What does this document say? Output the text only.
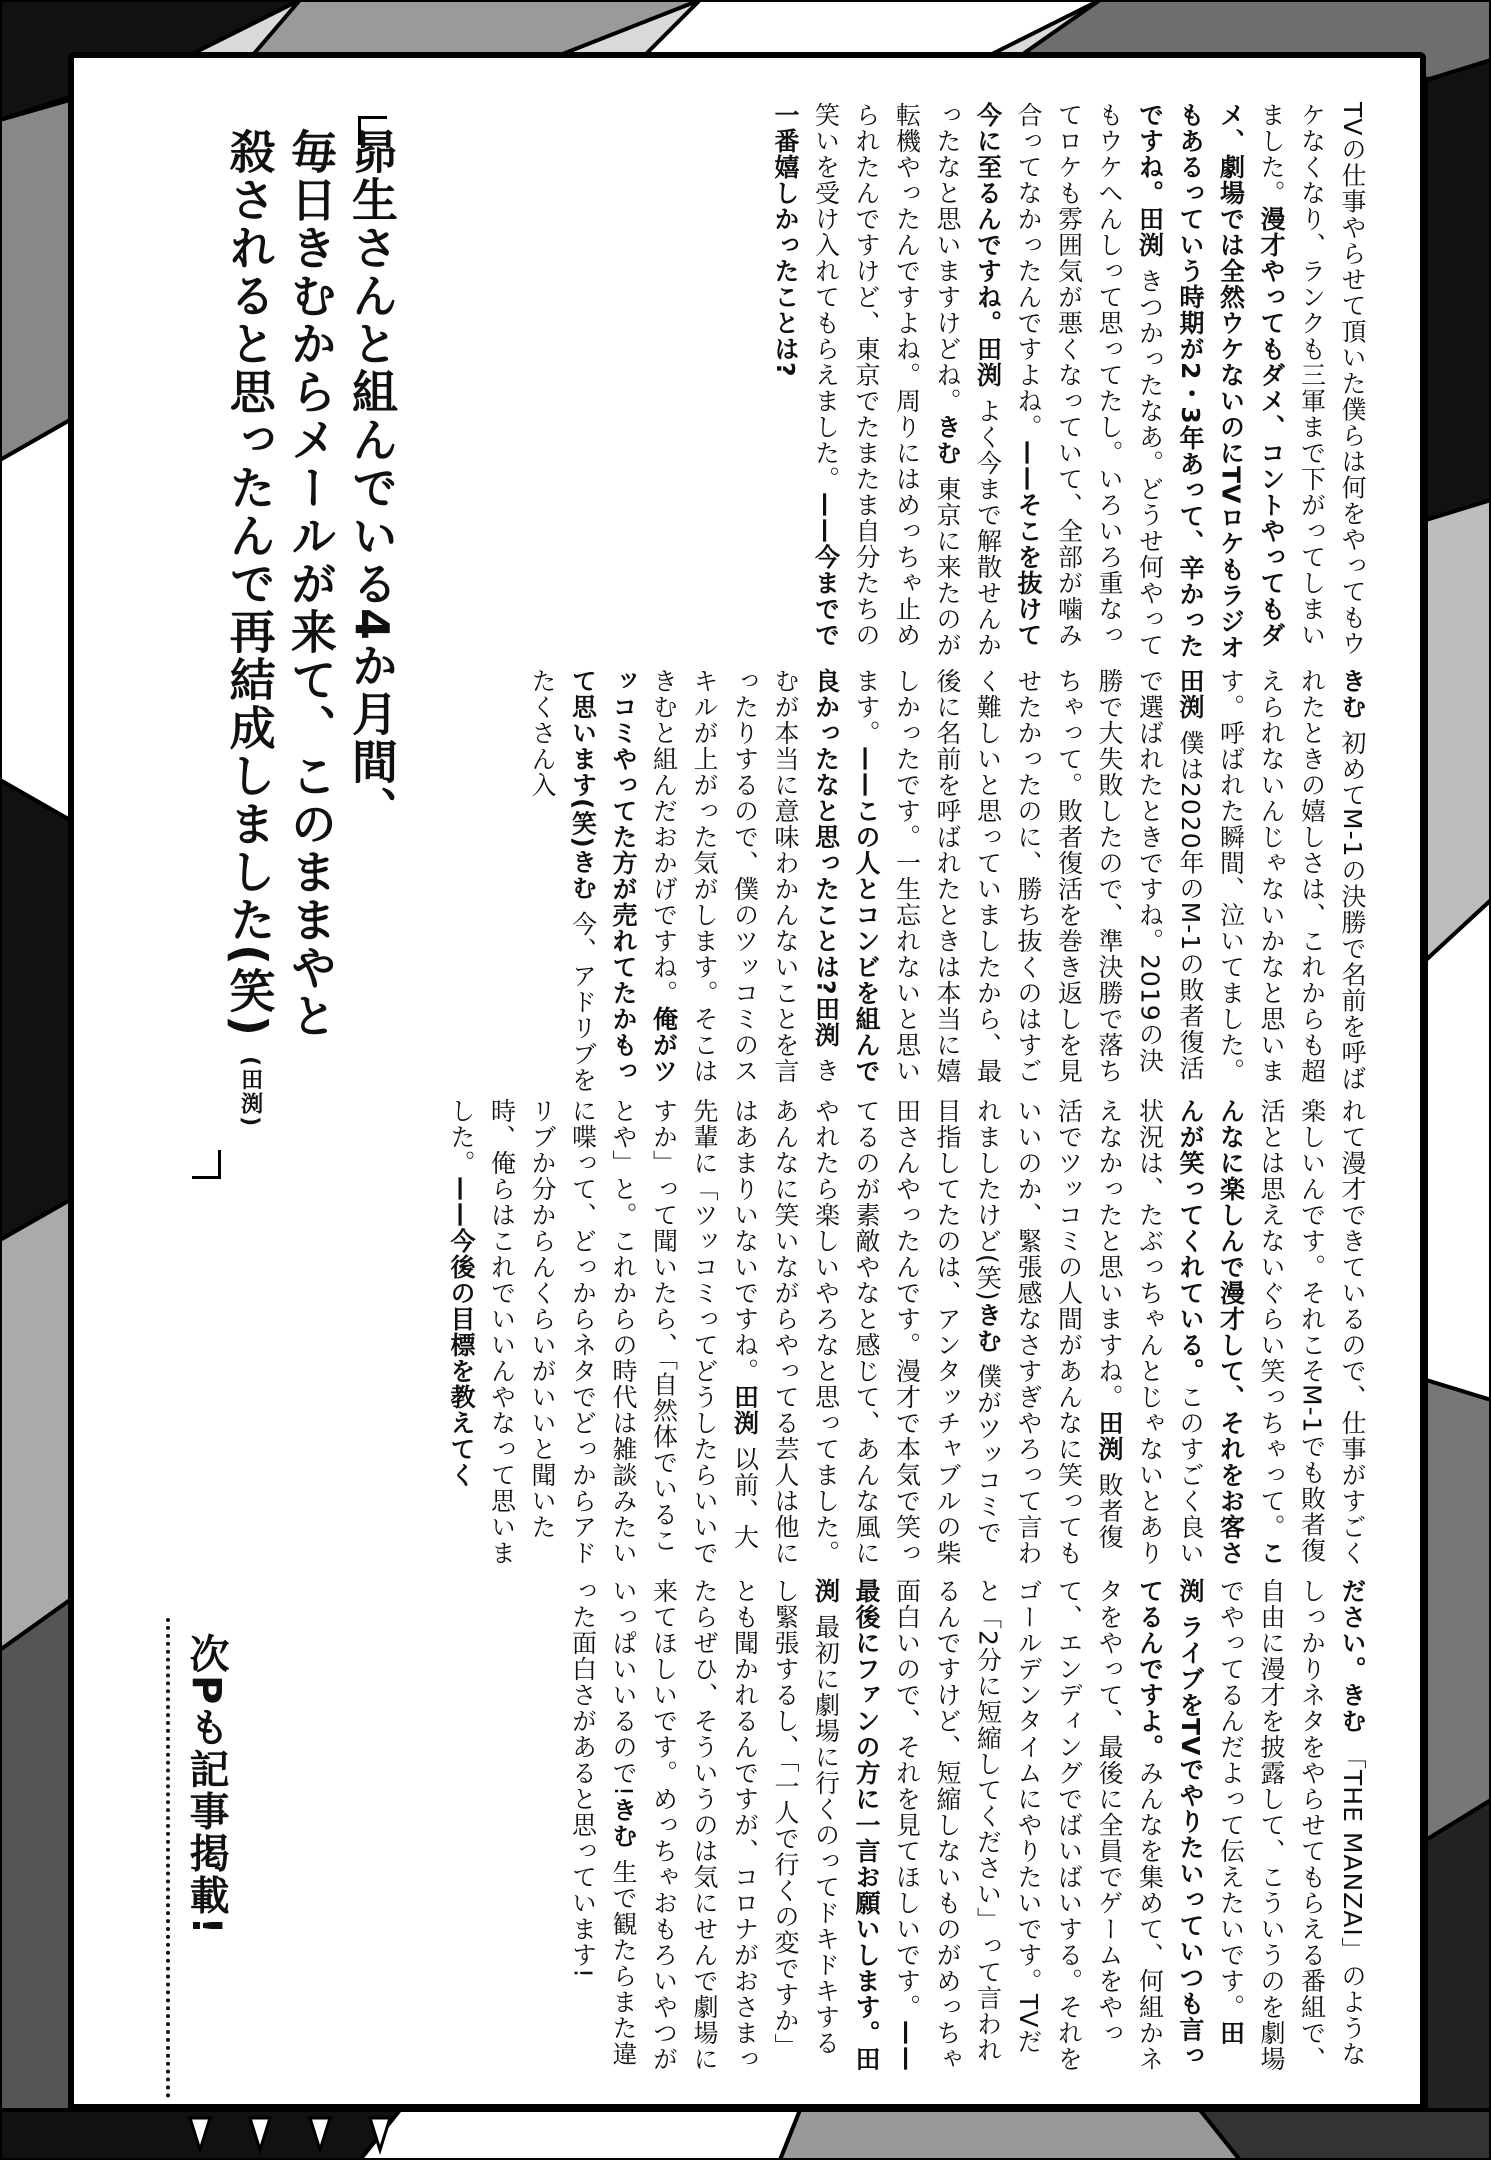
TVの仕事やらせて頂いた僕らは何をやってもウケなくなり、ランクも三軍まで下がってしまいました。漫才やってもダメ、コントやってもダメ、劇場では全然ウケないのにTVロケもラジオもあるっていう時期が2・3年あって、辛かったですね。田渕きつかったなあ。どうせ何やってもウケへんしって思ってたし。いろいろ重なってロケも雰囲気が悪くなっていて、全部が噛み合ってなかったんですよね。——そこを抜けて今に至るんですね。田渕よく今まで解散せんかったなと思いますけどね。きむ東京に来たのが転機やったんですよね。周りにはめっちゃ止められたんですけど、東京でたまたま自分たちの笑いを受け入れてもらえました。——今までで一番嬉しかったことは?
きむ初めてM-1の決勝で名前を呼ばれたときの嬉しさは、これからも超えられないんじゃないかなと思います。呼ばれた瞬間、泣いてました。田渕僕は2020年のM-1の敗者復活で選ばれたときですね。2019の決勝で大失敗したので、準決勝で落ちちゃって。敗者復活を巻き返しを見せたかったのに、勝ち抜くのはすごく難しいと思っていましたから、最後に名前を呼ばれたときは本当に嬉しかったです。一生忘れないと思います。——この人とコンビを組んで良かったなと思ったことは?田渕きむが本当に意味わかんないことを言ったりするので、僕のツッコミのスキルが上がった気がします。そこはきむと組んだおかげですね。俺がツッコミやってた方が売れてたかもって思います(笑)きむ今、アドリブをたくさん入
れて漫才できているので、仕事がすごく楽しいんです。それこそM-1でも敗者復活とは思えないぐらい笑っちゃって。こんなに楽しんで漫才して、それをお客さんが笑ってくれている。このすごく良い状況は、たぶっちゃんとじゃないとありえなかったと思いますね。田渕敗者復活でツッコミの人間があんなに笑ってもいいのか、緊張感なさすぎやろって言われましたけど(笑)きむ僕がツッコミで目指してたのは、アンタッチャブルの柴田さんやったんです。漫才で本気で笑ってるのが素敵やなと感じて、あんな風にやれたら楽しいやろなと思ってました。あんなに笑いながらやってる芸人は他にはあまりいないですね。田渕以前、大先輩に「ツッコミってどうしたらいいですか」って聞いたら、「自然体でいることや」と。これからの時代は雑談みたいに喋って、どっからネタでどっからアドリブか分からんくらいがいいと聞いた時、俺らはこれでいいんやなって思いました。——今後の目標を教えてく
ださい。きむ「THE MANZAI」のようなしっかりネタをやらせてもらえる番組で、自由に漫才を披露して、こういうのを劇場でやってるんだよって伝えたいです。田渕ライブをTVでやりたいっていつも言ってるんですよ。みんなを集めて、何組かネタをやって、最後に全員でゲームをやって、エンディングでばいばいする。それをゴールデンタイムにやりたいです。TVだと「2分に短縮してください」って言われるんですけど、短縮しないものがめっちゃ面白いので、それを見てほしいです。——最後にファンの方に一言お願いします。田渕最初に劇場に行くのってドキドキするし緊張するし、「一人で行くの変ですか」とも聞かれるんですが、コロナがおさまったらぜひ、そういうのは気にせんで劇場に来てほしいです。めっちゃおもろいやつがいっぱいいるので!きむ生で観たらまた違った面白さがあると思っています!
昴生さんと組んでいる4か月間、
毎日きむからメールが来て、このままやと
殺されると思ったんで再結成しました(笑) (田渕)
次Pも記事掲載!
